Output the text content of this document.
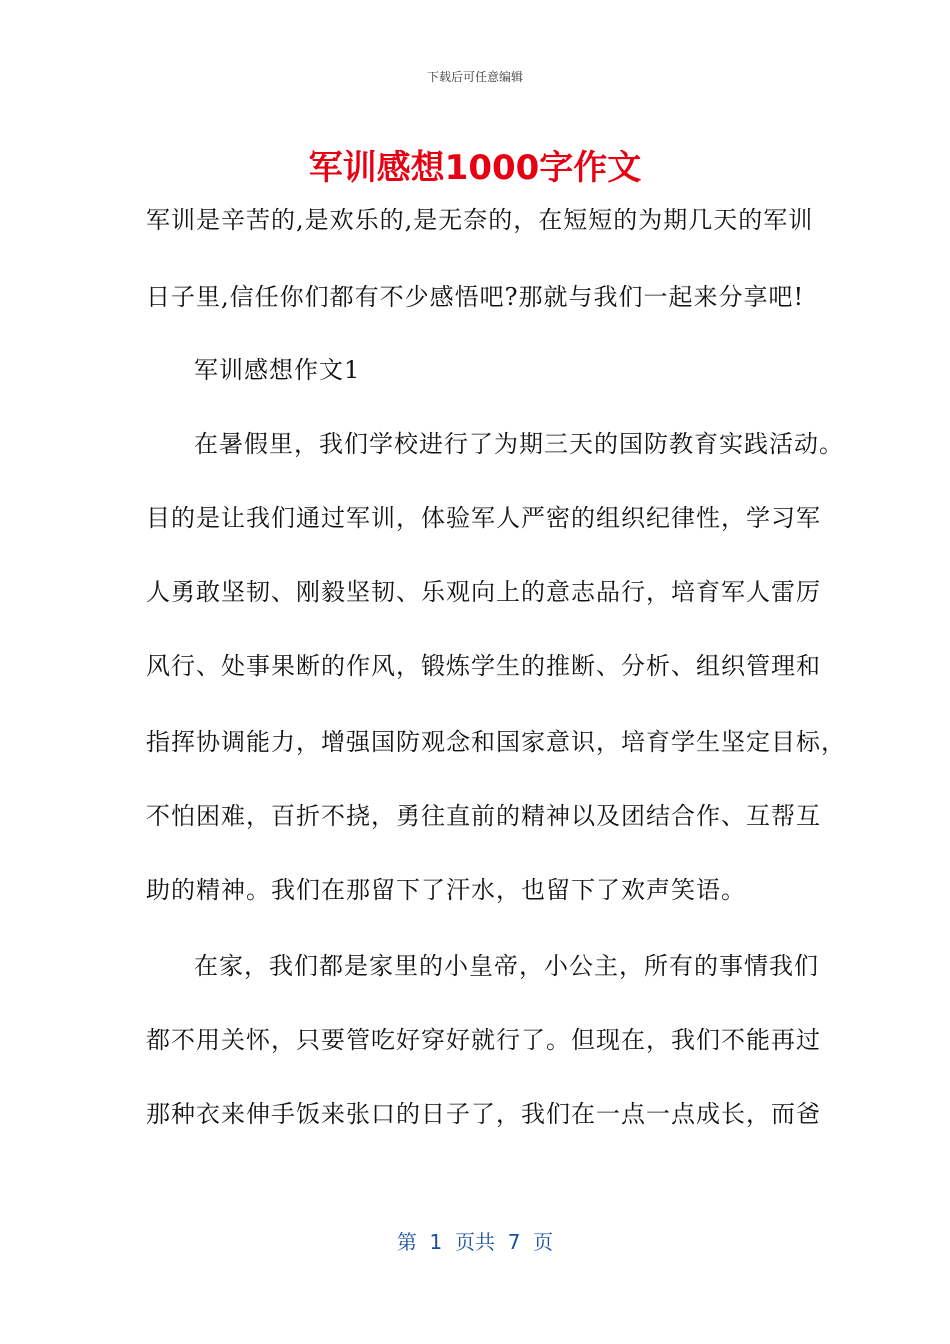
下载后可任意编辑
军训感想1000字作文
军训是辛苦的,是欢乐的,是无奈的，在短短的为期几天的军训
日子里,信任你们都有不少感悟吧?那就与我们一起来分享吧!
军训感想作文1
在暑假里，我们学校进行了为期三天的国防教育实践活动。
目的是让我们通过军训，体验军人严密的组织纪律性，学习军
人勇敢坚韧、刚毅坚韧、乐观向上的意志品行，培育军人雷厉
风行、处事果断的作风，锻炼学生的推断、分析、组织管理和
指挥协调能力，增强国防观念和国家意识，培育学生坚定目标，
不怕困难，百折不挠，勇往直前的精神以及团结合作、互帮互
助的精神。我们在那留下了汗水，也留下了欢声笑语。
在家，我们都是家里的小皇帝，小公主，所有的事情我们
都不用关怀，只要管吃好穿好就行了。但现在，我们不能再过
那种衣来伸手饭来张口的日子了，我们在一点一点成长，而爸
第  1  页共  7  页
